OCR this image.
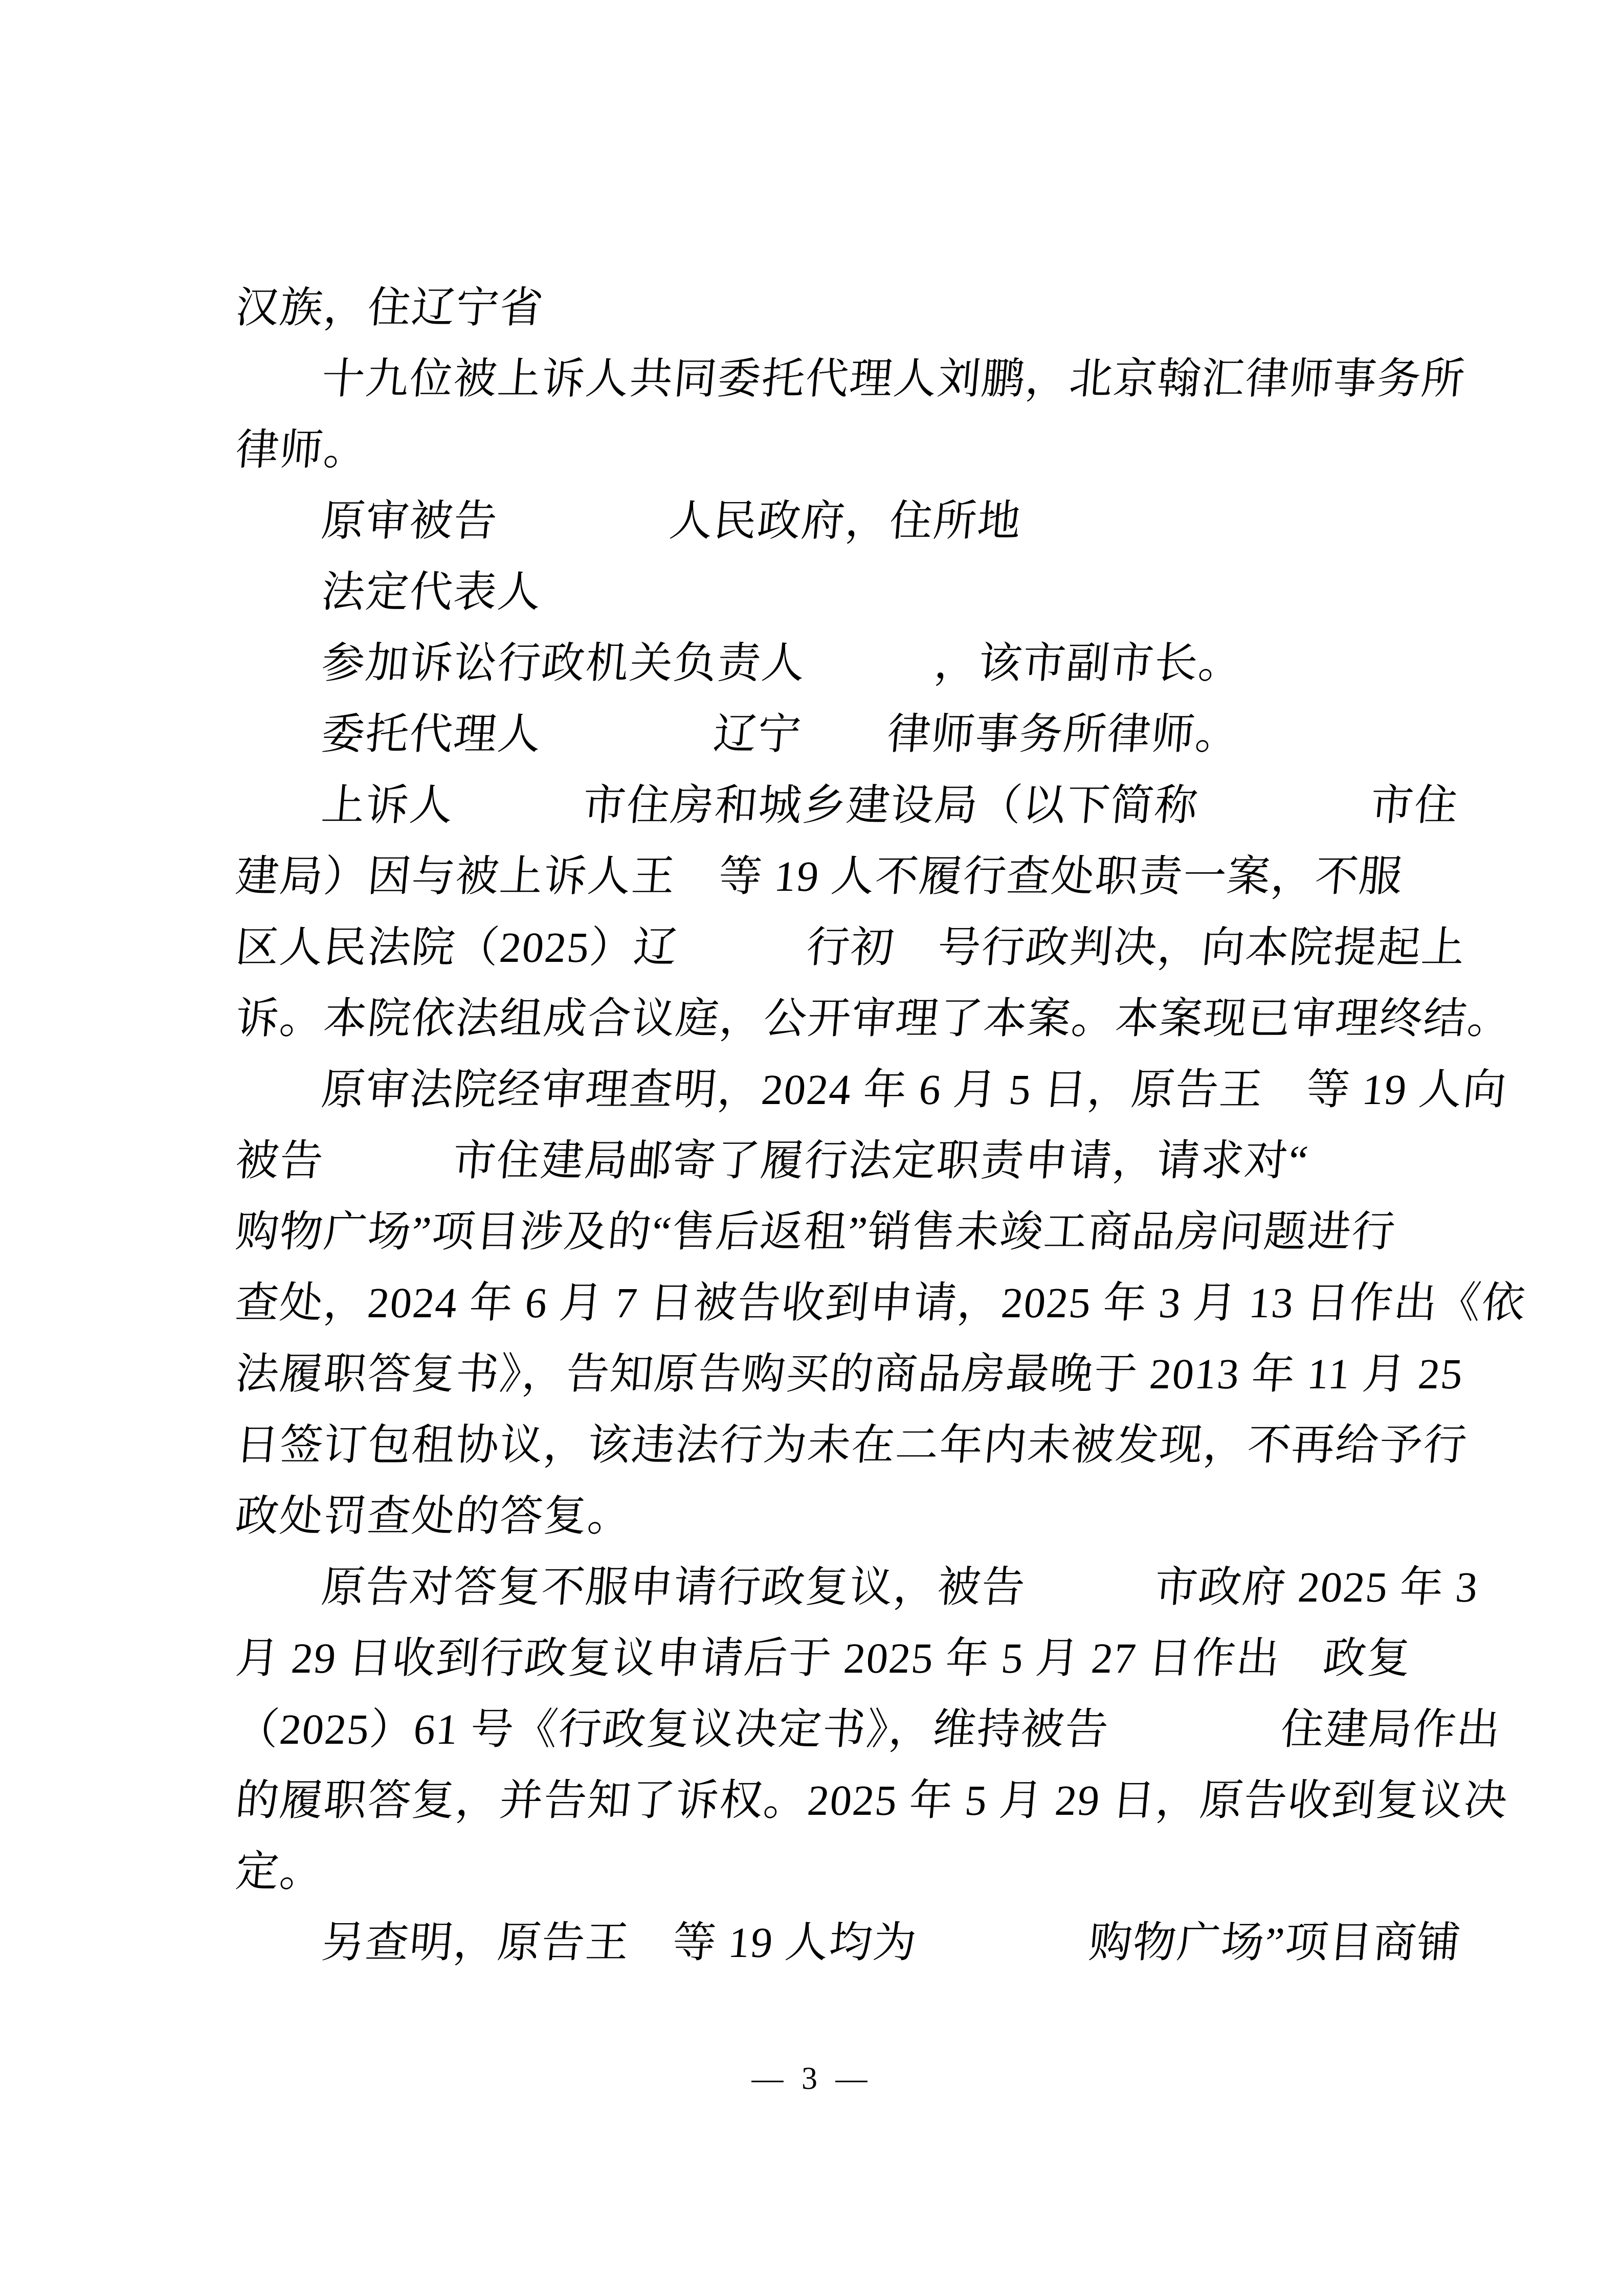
汉族，住辽宁省
十九位被上诉人共同委托代理人刘鹏，北京翰汇律师事务所
律师。
原审被告	人民政府，住所地
法定代表人
参加诉讼行政机关负责人	，该市副市长。
委托代理人	辽宁 律师事务所律师。
上诉人	市住房和城乡建设局（以下简称	市住
建局）因与被上诉人王 等 19 人不履行查处职责一案，不服
区人民法院（2025）辽	行初 号行政判决，向本院提起上
诉。本院依法组成合议庭，公开审理了本案。本案现已审理终结。
原审法院经审理查明，2024 年 6 月 5 日，原告王 等 19 人向
被告	市住建局邮寄了履行法定职责申请，请求对“
购物广场”项目涉及的“售后返租”销售未竣工商品房问题进行
查处，2024 年 6 月 7 日被告收到申请，2025 年 3 月 13 日作出《依
法履职答复书》，告知原告购买的商品房最晚于 2013 年 11 月 25
日签订包租协议，该违法行为未在二年内未被发现，不再给予行
政处罚查处的答复。
原告对答复不服申请行政复议，被告	市政府 2025 年 3
月 29 日收到行政复议申请后于 2025 年 5 月 27 日作出 政复
（2025）61 号《行政复议决定书》，维持被告	住建局作出
的履职答复，并告知了诉权。2025 年 5 月 29 日，原告收到复议决
定。
另查明，原告王 等 19 人均为	购物广场”项目商铺
— 3 —
